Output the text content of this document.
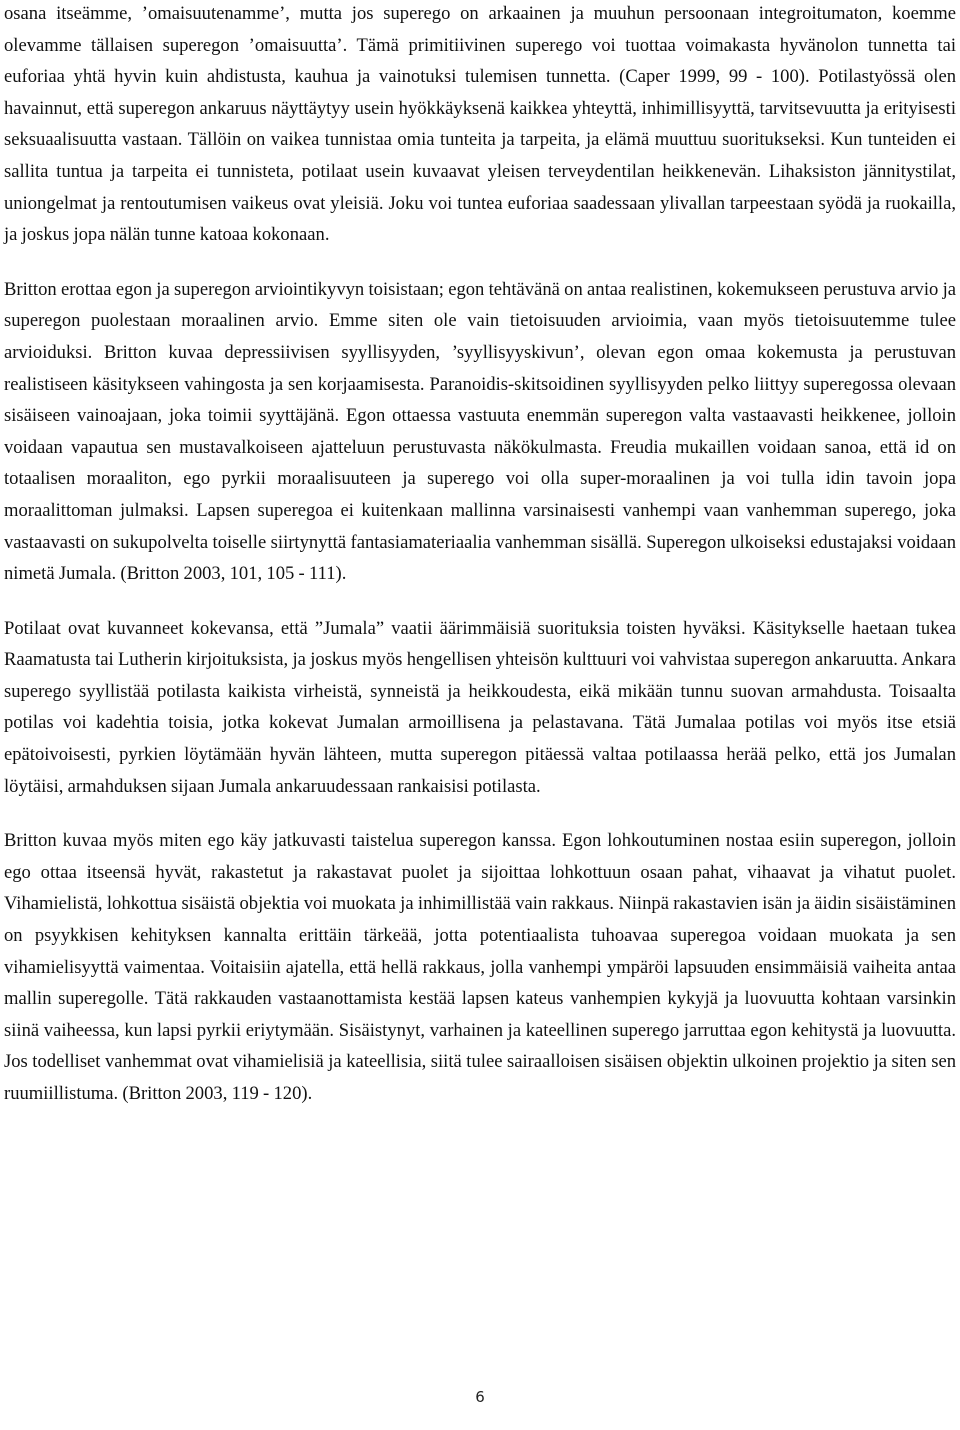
osana itseämme, ’omaisuutenamme’, mutta jos superego on arkaainen ja muuhun persoonaan integroitumaton, koemme olevamme tällaisen superegon ’omaisuutta’. Tämä primitiivinen superego voi tuottaa voimakasta hyvänolon tunnetta tai euforiaa yhtä hyvin kuin ahdistusta, kauhua ja vainotuksi tulemisen tunnetta. (Caper 1999, 99 - 100). Potilastyössä olen havainnut, että superegon ankaruus näyttäytyy usein hyökkäyksenä kaikkea yhteyttä, inhimillisyyttä, tarvitsevuutta ja erityisesti seksuaalisuutta vastaan. Tällöin on vaikea tunnistaa omia tunteita ja tarpeita, ja elämä muuttuu suoritukseksi. Kun tunteiden ei sallita tuntua ja tarpeita ei tunnisteta, potilaat usein kuvaavat yleisen terveydentilan heikkenevän. Lihaksiston jännitystilat, uniongelmat ja rentoutumisen vaikeus ovat yleisiä. Joku voi tuntea euforiaa saadessaan ylivallan tarpeestaan syödä ja ruokailla, ja joskus jopa nälän tunne katoaa kokonaan.

Britton erottaa egon ja superegon arviointikyvyn toisistaan; egon tehtävänä on antaa realistinen, kokemukseen perustuva arvio ja superegon puolestaan moraalinen arvio. Emme siten ole vain tietoisuuden arvioimia, vaan myös tietoisuutemme tulee arvioiduksi. Britton kuvaa depressiivisen syyllisyyden, ’syyllisyyskivun’, olevan egon omaa kokemusta ja perustuvan realistiseen käsitykseen vahingosta ja sen korjaamisesta. Paranoidis-skitsoidinen syyllisyyden pelko liittyy superegossa olevaan sisäiseen vainoajaan, joka toimii syyttäjänä. Egon ottaessa vastuuta enemmän superegon valta vastaavasti heikkenee, jolloin voidaan vapautua sen mustavalkoiseen ajatteluun perustuvasta näkökulmasta. Freudia mukaillen voidaan sanoa, että id on totaalisen moraaliton, ego pyrkii moraalisuuteen ja superego voi olla super-moraalinen ja voi tulla idin tavoin jopa moraalittoman julmaksi. Lapsen superegoa ei kuitenkaan mallinna varsinaisesti vanhempi vaan vanhemman superego, joka vastaavasti on sukupolvelta toiselle siirtynyttä fantasiamateriaalia vanhemman sisällä. Superegon ulkoiseksi edustajaksi voidaan nimetä Jumala. (Britton 2003, 101, 105 - 111).

Potilaat ovat kuvanneet kokevansa, että ”Jumala” vaatii äärimmäisiä suorituksia toisten hyväksi. Käsitykselle haetaan tukea Raamatusta tai Lutherin kirjoituksista, ja joskus myös hengellisen yhteisön kulttuuri voi vahvistaa superegon ankaruutta. Ankara superego syyllistää potilasta kaikista virheistä, synneistä ja heikkoudesta, eikä mikään tunnu suovan armahdusta. Toisaalta potilas voi kadehtia toisia, jotka kokevat Jumalan armoillisena ja pelastavana. Tätä Jumalaa potilas voi myös itse etsiä epätoivoisesti, pyrkien löytämään hyvän lähteen, mutta superegon pitäessä valtaa potilaassa herää pelko, että jos Jumalan löytäisi, armahduksen sijaan Jumala ankaruudessaan rankaisisi potilasta.

Britton kuvaa myös miten ego käy jatkuvasti taistelua superegon kanssa. Egon lohkoutuminen nostaa esiin superegon, jolloin ego ottaa itseensä hyvät, rakastetut ja rakastavat puolet ja sijoittaa lohkottuun osaan pahat, vihaavat ja vihatut puolet. Vihamielistä, lohkottua sisäistä objektia voi muokata ja inhimillistää vain rakkaus. Niinpä rakastavien isän ja äidin sisäistäminen on psyykkisen kehityksen kannalta erittäin tärkeää, jotta potentiaalista tuhoavaa superegoa voidaan muokata ja sen vihamielisyyttä vaimentaa. Voitaisiin ajatella, että hellä rakkaus, jolla vanhempi ympäröi lapsuuden ensimmäisiä vaiheita antaa mallin superegolle. Tätä rakkauden vastaanottamista kestää lapsen kateus vanhempien kykyjä ja luovuutta kohtaan varsinkin siinä vaiheessa, kun lapsi pyrkii eriytymään. Sisäistynyt, varhainen ja kateellinen superego jarruttaa egon kehitystä ja luovuutta. Jos todelliset vanhemmat ovat vihamielisiä ja kateellisia, siitä tulee sairaalloisen sisäisen objektin ulkoinen projektio ja siten sen ruumiillistuma. (Britton 2003, 119 - 120).

6
